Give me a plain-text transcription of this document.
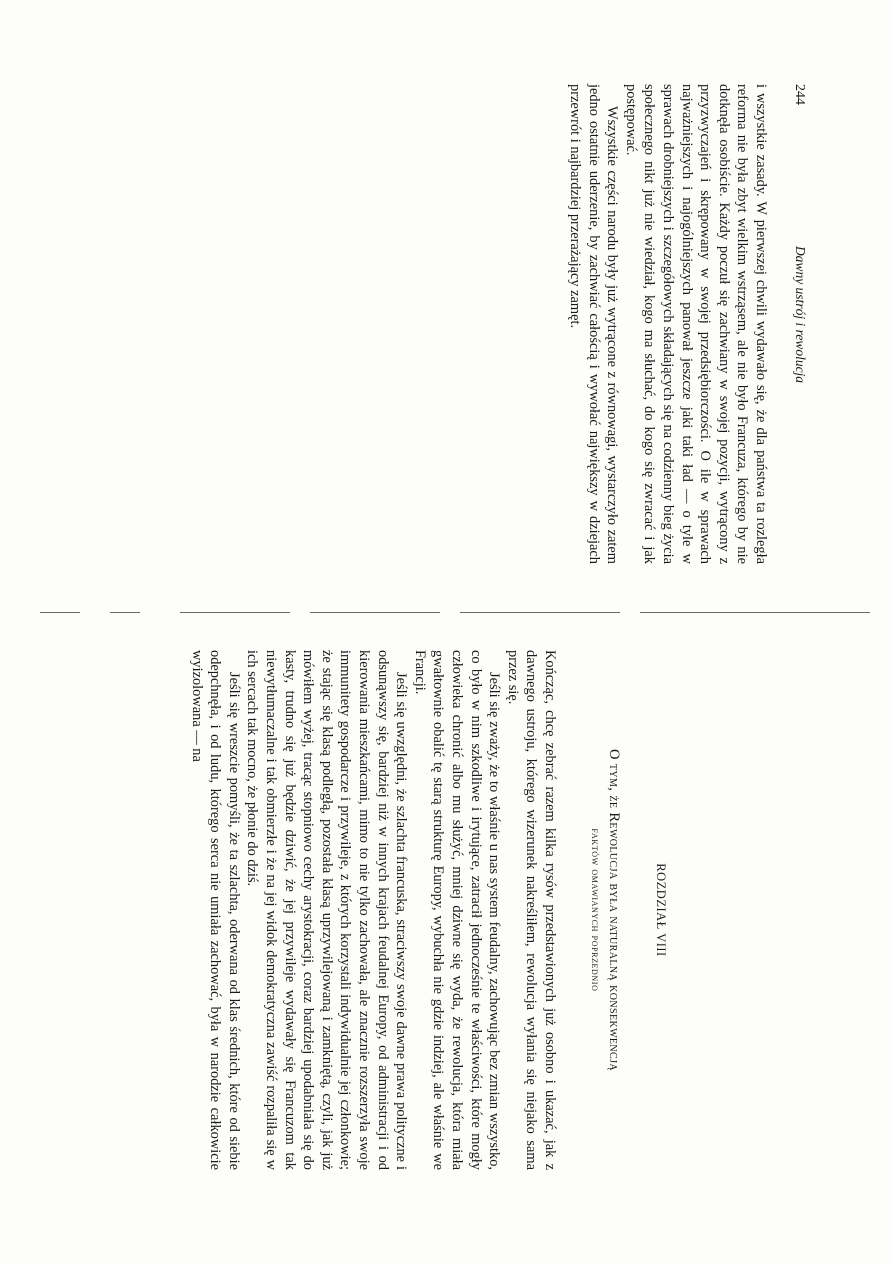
244
Dawny ustrój i rewolucja

i wszystkie zasady. W pierwszej chwili wydawało się, że dla państwa ta rozległa reforma nie była zbyt wielkim wstrząsem, ale nie było Francuza, którego by nie dotknęła osobiście. Każdy poczuł się zachwiany w swojej pozycji, wytrącony z przyzwyczajeń i skrępowany w swojej przedsiębiorczości. O ile w sprawach najważniejszych i najogólniejszych panował jeszcze jaki taki ład — o tyle w sprawach drobniejszych i szczegółowych składających się na codzienny bieg życia społecznego nikt już nie wiedział, kogo ma słuchać, do kogo się zwracać i jak postępować.

Wszystkie części narodu były już wytrącone z równowagi, wystarczyło zatem jedno ostatnie uderzenie, by zachwiać całością i wywołać największy w dziejach przewrót i najbardziej przerażający zamęt.

ROZDZIAŁ VIII
O tym, że Rewolucja była naturalną konsekwencją
faktów omawianych poprzednio

Kończąc, chcę zebrać razem kilka rysów przedstawionych już osobno i ukazać, jak z dawnego ustroju, którego wizerunek nakreśliłem, rewolucja wyłania się niejako sama przez się.

Jeśli się zważy, że to właśnie u nas system feudalny, zachowując bez zmian wszystko, co było w nim szkodliwe i irytujące, zatracił jednocześnie te właściwości, które mogły człowieka chronić albo mu służyć, mniej dziwne się wyda, że rewolucja, która miała gwałtownie obalić tę starą strukturę Europy, wybuchła nie gdzie indziej, ale właśnie we Francji.

Jeśli się uwzględni, że szlachta francuska, straciwszy swoje dawne prawa polityczne i odsunąwszy się, bardziej niż w innych krajach feudalnej Europy, od administracji i od kierowania mieszkańcami, mimo to nie tylko zachowała, ale znacznie rozszerzyła swoje immunitety gospodarcze i przywileje, z których korzystali indywidualnie jej członkowie; że stając się klasą podległą, pozostała klasą uprzywilejowaną i zamkniętą, czyli, jak już mówiłem wyżej, tracąc stopniowo cechy arystokracji, coraz bardziej upodabniała się do kasty, trudno się już będzie dziwić, że jej przywileje wydawały się Francuzom tak niewytłumaczalne i tak obmierzłe i że na jej widok demokratyczna zawiść rozpaliła się w ich sercach tak mocno, że płonie do dziś.

Jeśli się wreszcie pomyśli, że ta szlachta, oderwana od klas średnich, które od siebie odepchnęła, i od ludu, którego serca nie umiała zachować, była w narodzie całkowicie wyizolowana — na
